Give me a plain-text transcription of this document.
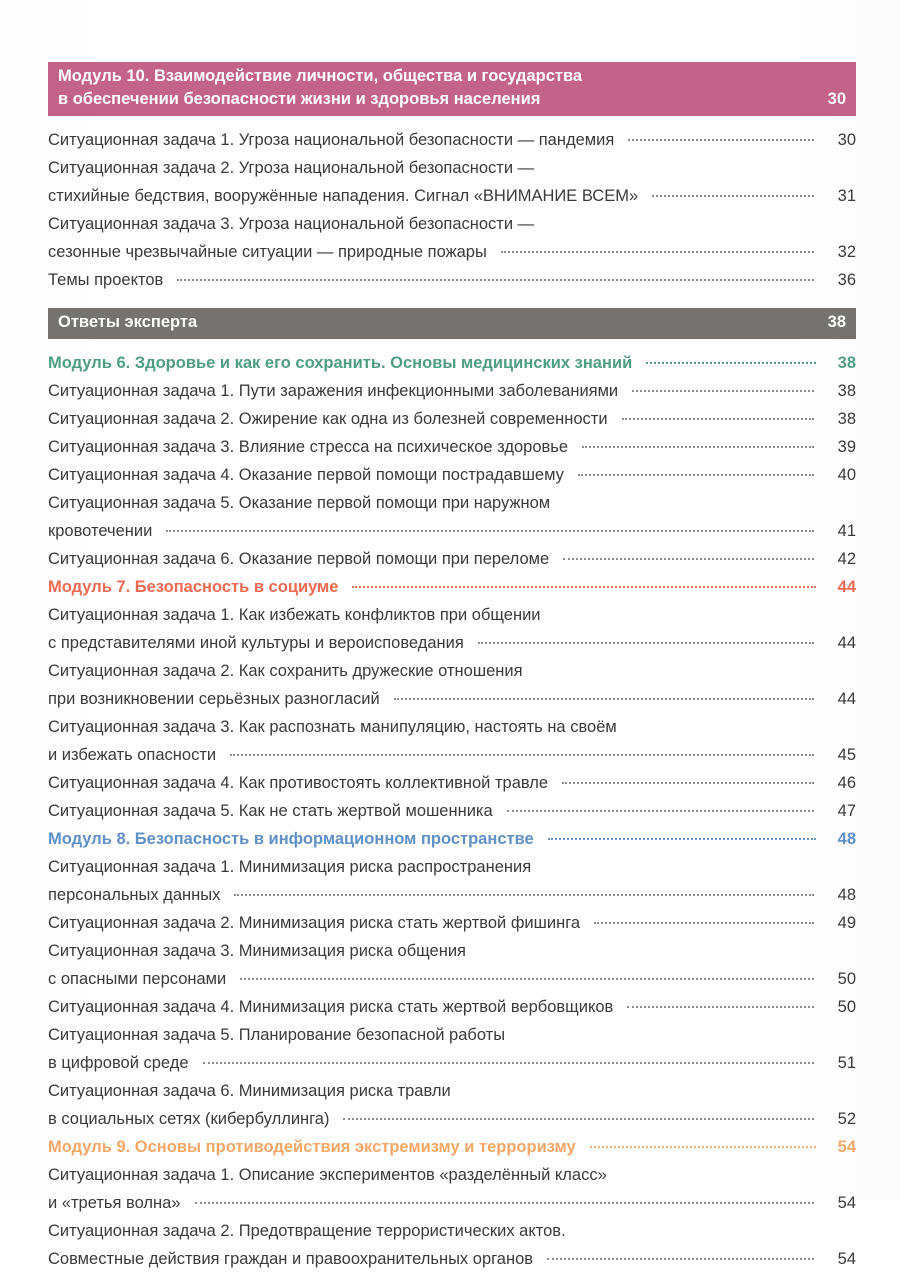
Модуль 10. Взаимодействие личности, общества и государства
в обеспечении безопасности жизни и здоровья населения	30
Ситуационная задача 1. Угроза национальной безопасности — пандемия	30
Ситуационная задача 2. Угроза национальной безопасности —
стихийные бедствия, вооружённые нападения. Сигнал «ВНИМАНИЕ ВСЕМ»	31
Ситуационная задача 3. Угроза национальной безопасности —
сезонные чрезвычайные ситуации — природные пожары	32
Темы проектов	36
Ответы эксперта	38
Модуль 6. Здоровье и как его сохранить. Основы медицинских знаний	38
Ситуационная задача 1. Пути заражения инфекционными заболеваниями	38
Ситуационная задача 2. Ожирение как одна из болезней современности	38
Ситуационная задача 3. Влияние стресса на психическое здоровье	39
Ситуационная задача 4. Оказание первой помощи пострадавшему	40
Ситуационная задача 5. Оказание первой помощи при наружном
кровотечении	41
Ситуационная задача 6. Оказание первой помощи при переломе	42
Модуль 7. Безопасность в социуме	44
Ситуационная задача 1. Как избежать конфликтов при общении
с представителями иной культуры и вероисповедания	44
Ситуационная задача 2. Как сохранить дружеские отношения
при возникновении серьёзных разногласий	44
Ситуационная задача 3. Как распознать манипуляцию, настоять на своём
и избежать опасности	45
Ситуационная задача 4. Как противостоять коллективной травле	46
Ситуационная задача 5. Как не стать жертвой мошенника	47
Модуль 8. Безопасность в информационном пространстве	48
Ситуационная задача 1. Минимизация риска распространения
персональных данных	48
Ситуационная задача 2. Минимизация риска стать жертвой фишинга	49
Ситуационная задача 3. Минимизация риска общения
с опасными персонами	50
Ситуационная задача 4. Минимизация риска стать жертвой вербовщиков	50
Ситуационная задача 5. Планирование безопасной работы
в цифровой среде	51
Ситуационная задача 6. Минимизация риска травли
в социальных сетях (кибербуллинга)	52
Модуль 9. Основы противодействия экстремизму и терроризму	54
Ситуационная задача 1. Описание экспериментов «разделённый класс»
и «третья волна»	54
Ситуационная задача 2. Предотвращение террористических актов.
Совместные действия граждан и правоохранительных органов	54
